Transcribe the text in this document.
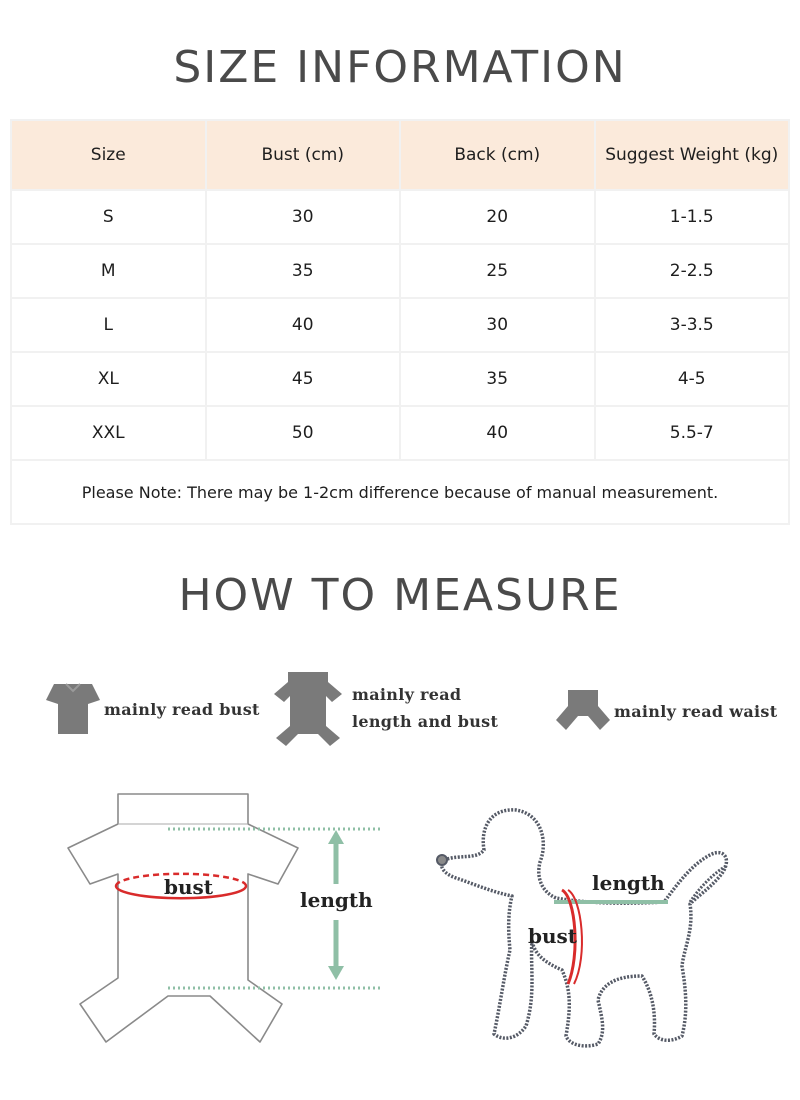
SIZE INFORMATION
Size	Bust (cm)	Back (cm)	Suggest Weight (kg)
S	30	20	1-1.5
M	35	25	2-2.5
L	40	30	3-3.5
XL	45	35	4-5
XXL	50	40	5.5-7
Please Note: There may be 1-2cm difference because of manual measurement.			
HOW TO MEASURE
mainly read bust
mainly read
length and bust
mainly read waist
bust
length
length
bust
